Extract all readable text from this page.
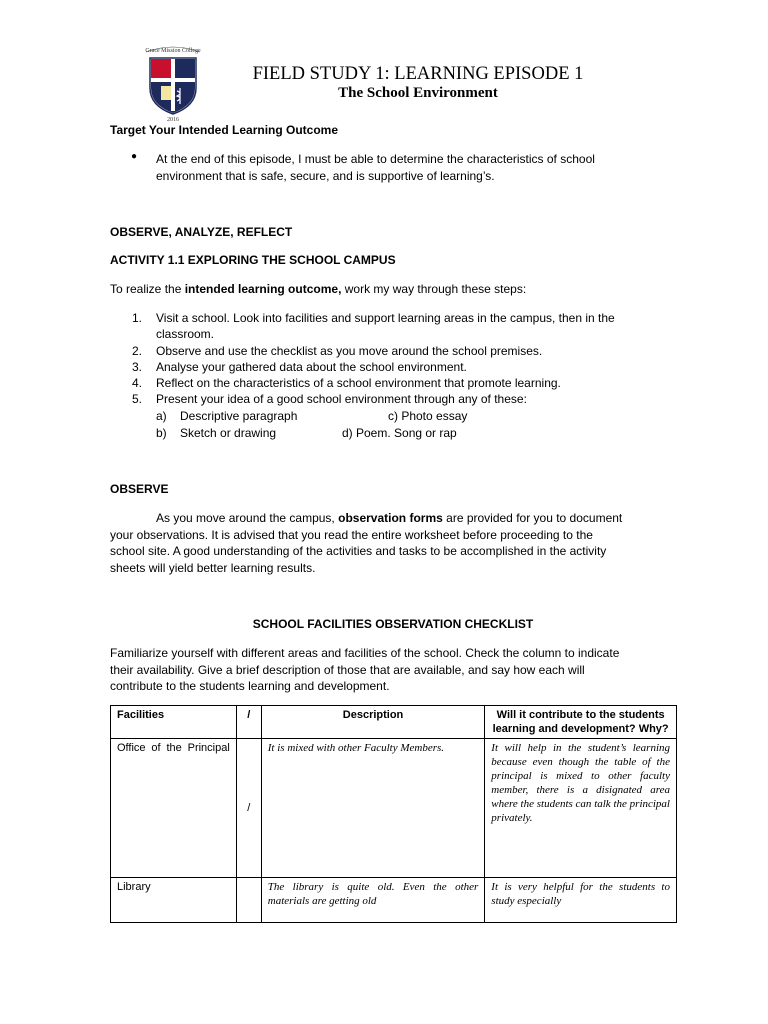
Grace Mission College
2016
FIELD STUDY 1: LEARNING EPISODE 1
The School Environment
Target Your Intended Learning Outcome
● At the end of this episode, I must be able to determine the characteristics of school
environment that is safe, secure, and is supportive of learning’s.
OBSERVE, ANALYZE, REFLECT
ACTIVITY 1.1 EXPLORING THE SCHOOL CAMPUS
To realize the intended learning outcome, work my way through these steps:
1. Visit a school. Look into facilities and support learning areas in the campus, then in the
classroom.
2. Observe and use the checklist as you move around the school premises.
3. Analyse your gathered data about the school environment.
4. Reflect on the characteristics of a school environment that promote learning.
5. Present your idea of a good school environment through any of these:
a) Descriptive paragraph	c) Photo essay
b) Sketch or drawing	d) Poem. Song or rap
OBSERVE
As you move around the campus, observation forms are provided for you to document
your observations. It is advised that you read the entire worksheet before proceeding to the
school site. A good understanding of the activities and tasks to be accomplished in the activity
sheets will yield better learning results.
SCHOOL FACILITIES OBSERVATION CHECKLIST
Familiarize yourself with different areas and facilities of the school. Check the column to indicate
their availability. Give a brief description of those that are available, and say how each will
contribute to the students learning and development.
Facilities	/	Description	Will it contribute to the students learning and development? Why?
Office of the Principal	/	It is mixed with other Faculty Members.	It will help in the student’s learning because even though the table of the principal is mixed to other faculty member, there is a disignated area where the students can talk the principal privately.
Library		The library is quite old. Even the other materials are getting old	It is very helpful for the students to study especially
